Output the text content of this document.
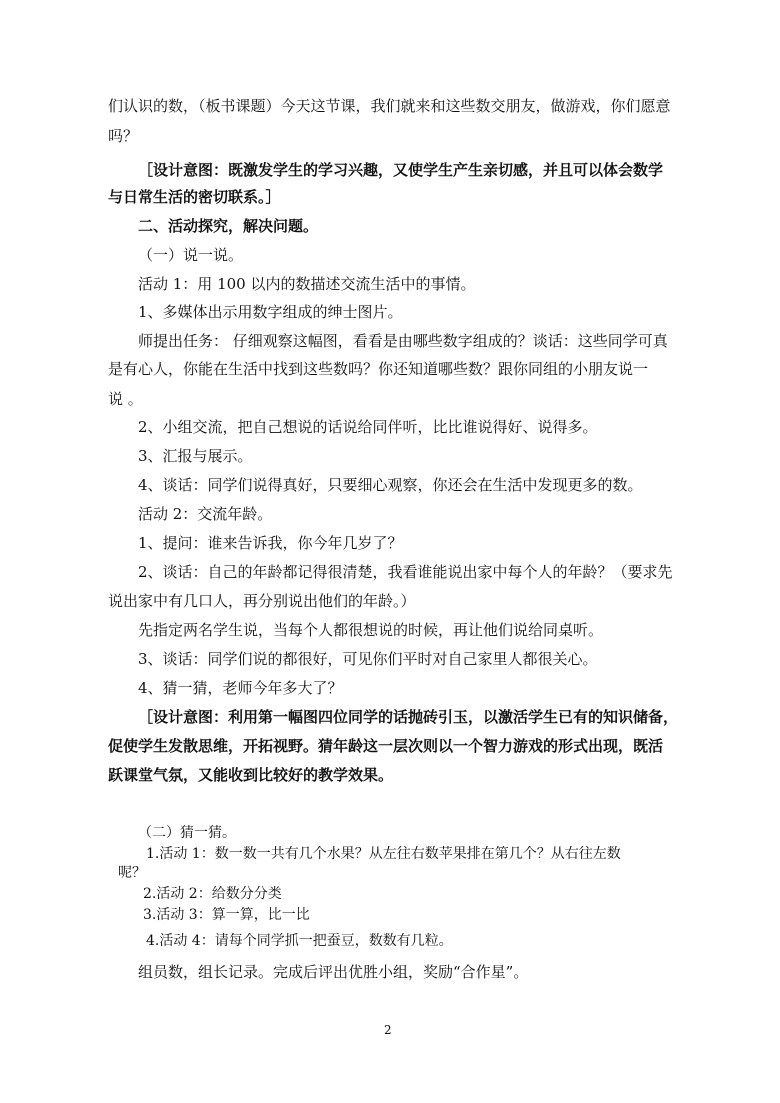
们认识的数，（板书课题）今天这节课，我们就来和这些数交朋友，做游戏，你们愿意
吗？
［设计意图：既激发学生的学习兴趣，又使学生产生亲切感，并且可以体会数学
与日常生活的密切联系。］
二、活动探究，解决问题。
（一）说一说。
活动 1：用 100 以内的数描述交流生活中的事情。
1、多媒体出示用数字组成的绅士图片。
师提出任务： 仔细观察这幅图，看看是由哪些数字组成的？谈话：这些同学可真
是有心人，你能在生活中找到这些数吗？你还知道哪些数？跟你同组的小朋友说一
说 。
2、小组交流，把自己想说的话说给同伴听，比比谁说得好、说得多。
3、汇报与展示。
4、谈话：同学们说得真好，只要细心观察，你还会在生活中发现更多的数。
活动 2：交流年龄。
1、提问：谁来告诉我，你今年几岁了？
2、谈话：自己的年龄都记得很清楚，我看谁能说出家中每个人的年龄？（要求先
说出家中有几口人，再分别说出他们的年龄。）
先指定两名学生说，当每个人都很想说的时候，再让他们说给同桌听。
3、谈话：同学们说的都很好，可见你们平时对自己家里人都很关心。
4、猜一猜，老师今年多大了？
［设计意图：利用第一幅图四位同学的话抛砖引玉，以激活学生已有的知识储备，
促使学生发散思维，开拓视野。猜年龄这一层次则以一个智力游戏的形式出现，既活
跃课堂气氛，又能收到比较好的教学效果。
（二）猜一猜。
1.活动 1：数一数一共有几个水果？从左往右数苹果排在第几个？从右往左数
呢？
2.活动 2：给数分分类
3.活动 3：算一算，比一比
4.活动 4：请每个同学抓一把蚕豆，数数有几粒。
组员数，组长记录。完成后评出优胜小组，奖励“合作星”。
2
